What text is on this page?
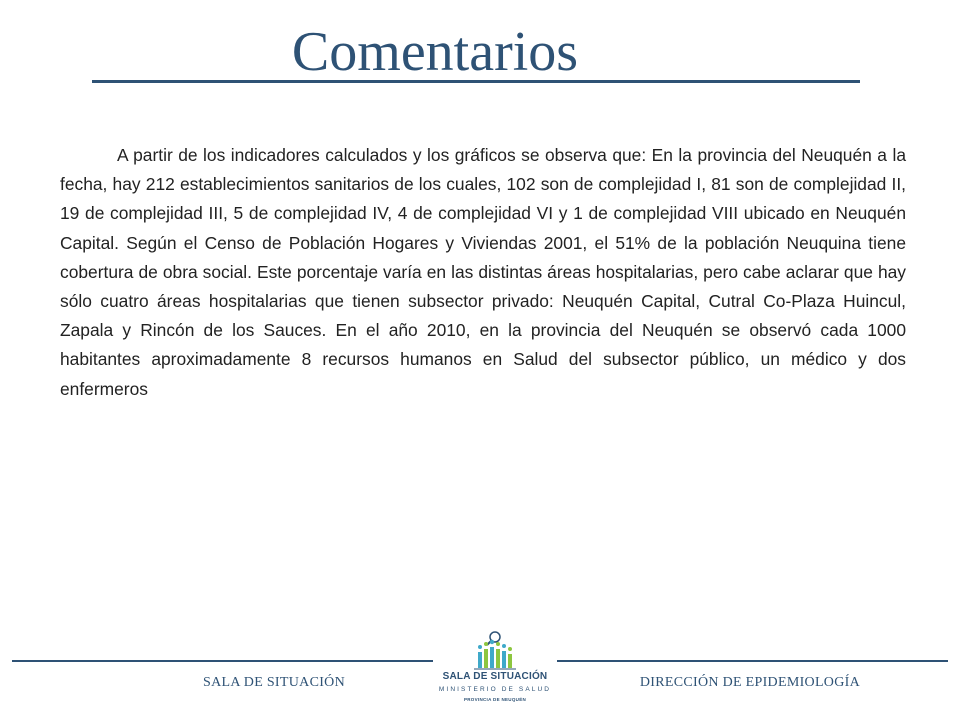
Comentarios

A partir de los indicadores calculados y los gráficos se observa que: En la provincia del Neuquén a la fecha, hay 212 establecimientos sanitarios de los cuales, 102 son de complejidad I, 81 son de complejidad II, 19 de complejidad III, 5 de complejidad IV, 4 de complejidad VI y 1 de complejidad VIII ubicado en Neuquén Capital. Según el Censo de Población Hogares y Viviendas 2001, el 51% de la población Neuquina tiene cobertura de obra social. Este porcentaje varía en las distintas áreas hospitalarias, pero cabe aclarar que hay sólo cuatro áreas hospitalarias que tienen subsector privado: Neuquén Capital, Cutral Co-Plaza Huincul, Zapala y Rincón de los Sauces. En el año 2010, en la provincia del Neuquén se observó cada 1000 habitantes aproximadamente 8 recursos humanos en Salud del subsector público, un médico y dos enfermeros

SALA DE SITUACIÓN	DIRECCIÓN DE EPIDEMIOLOGÍA
SALA DE SITUACIÓN
MINISTERIO DE SALUD
PROVINCIA DE NEUQUÉN
